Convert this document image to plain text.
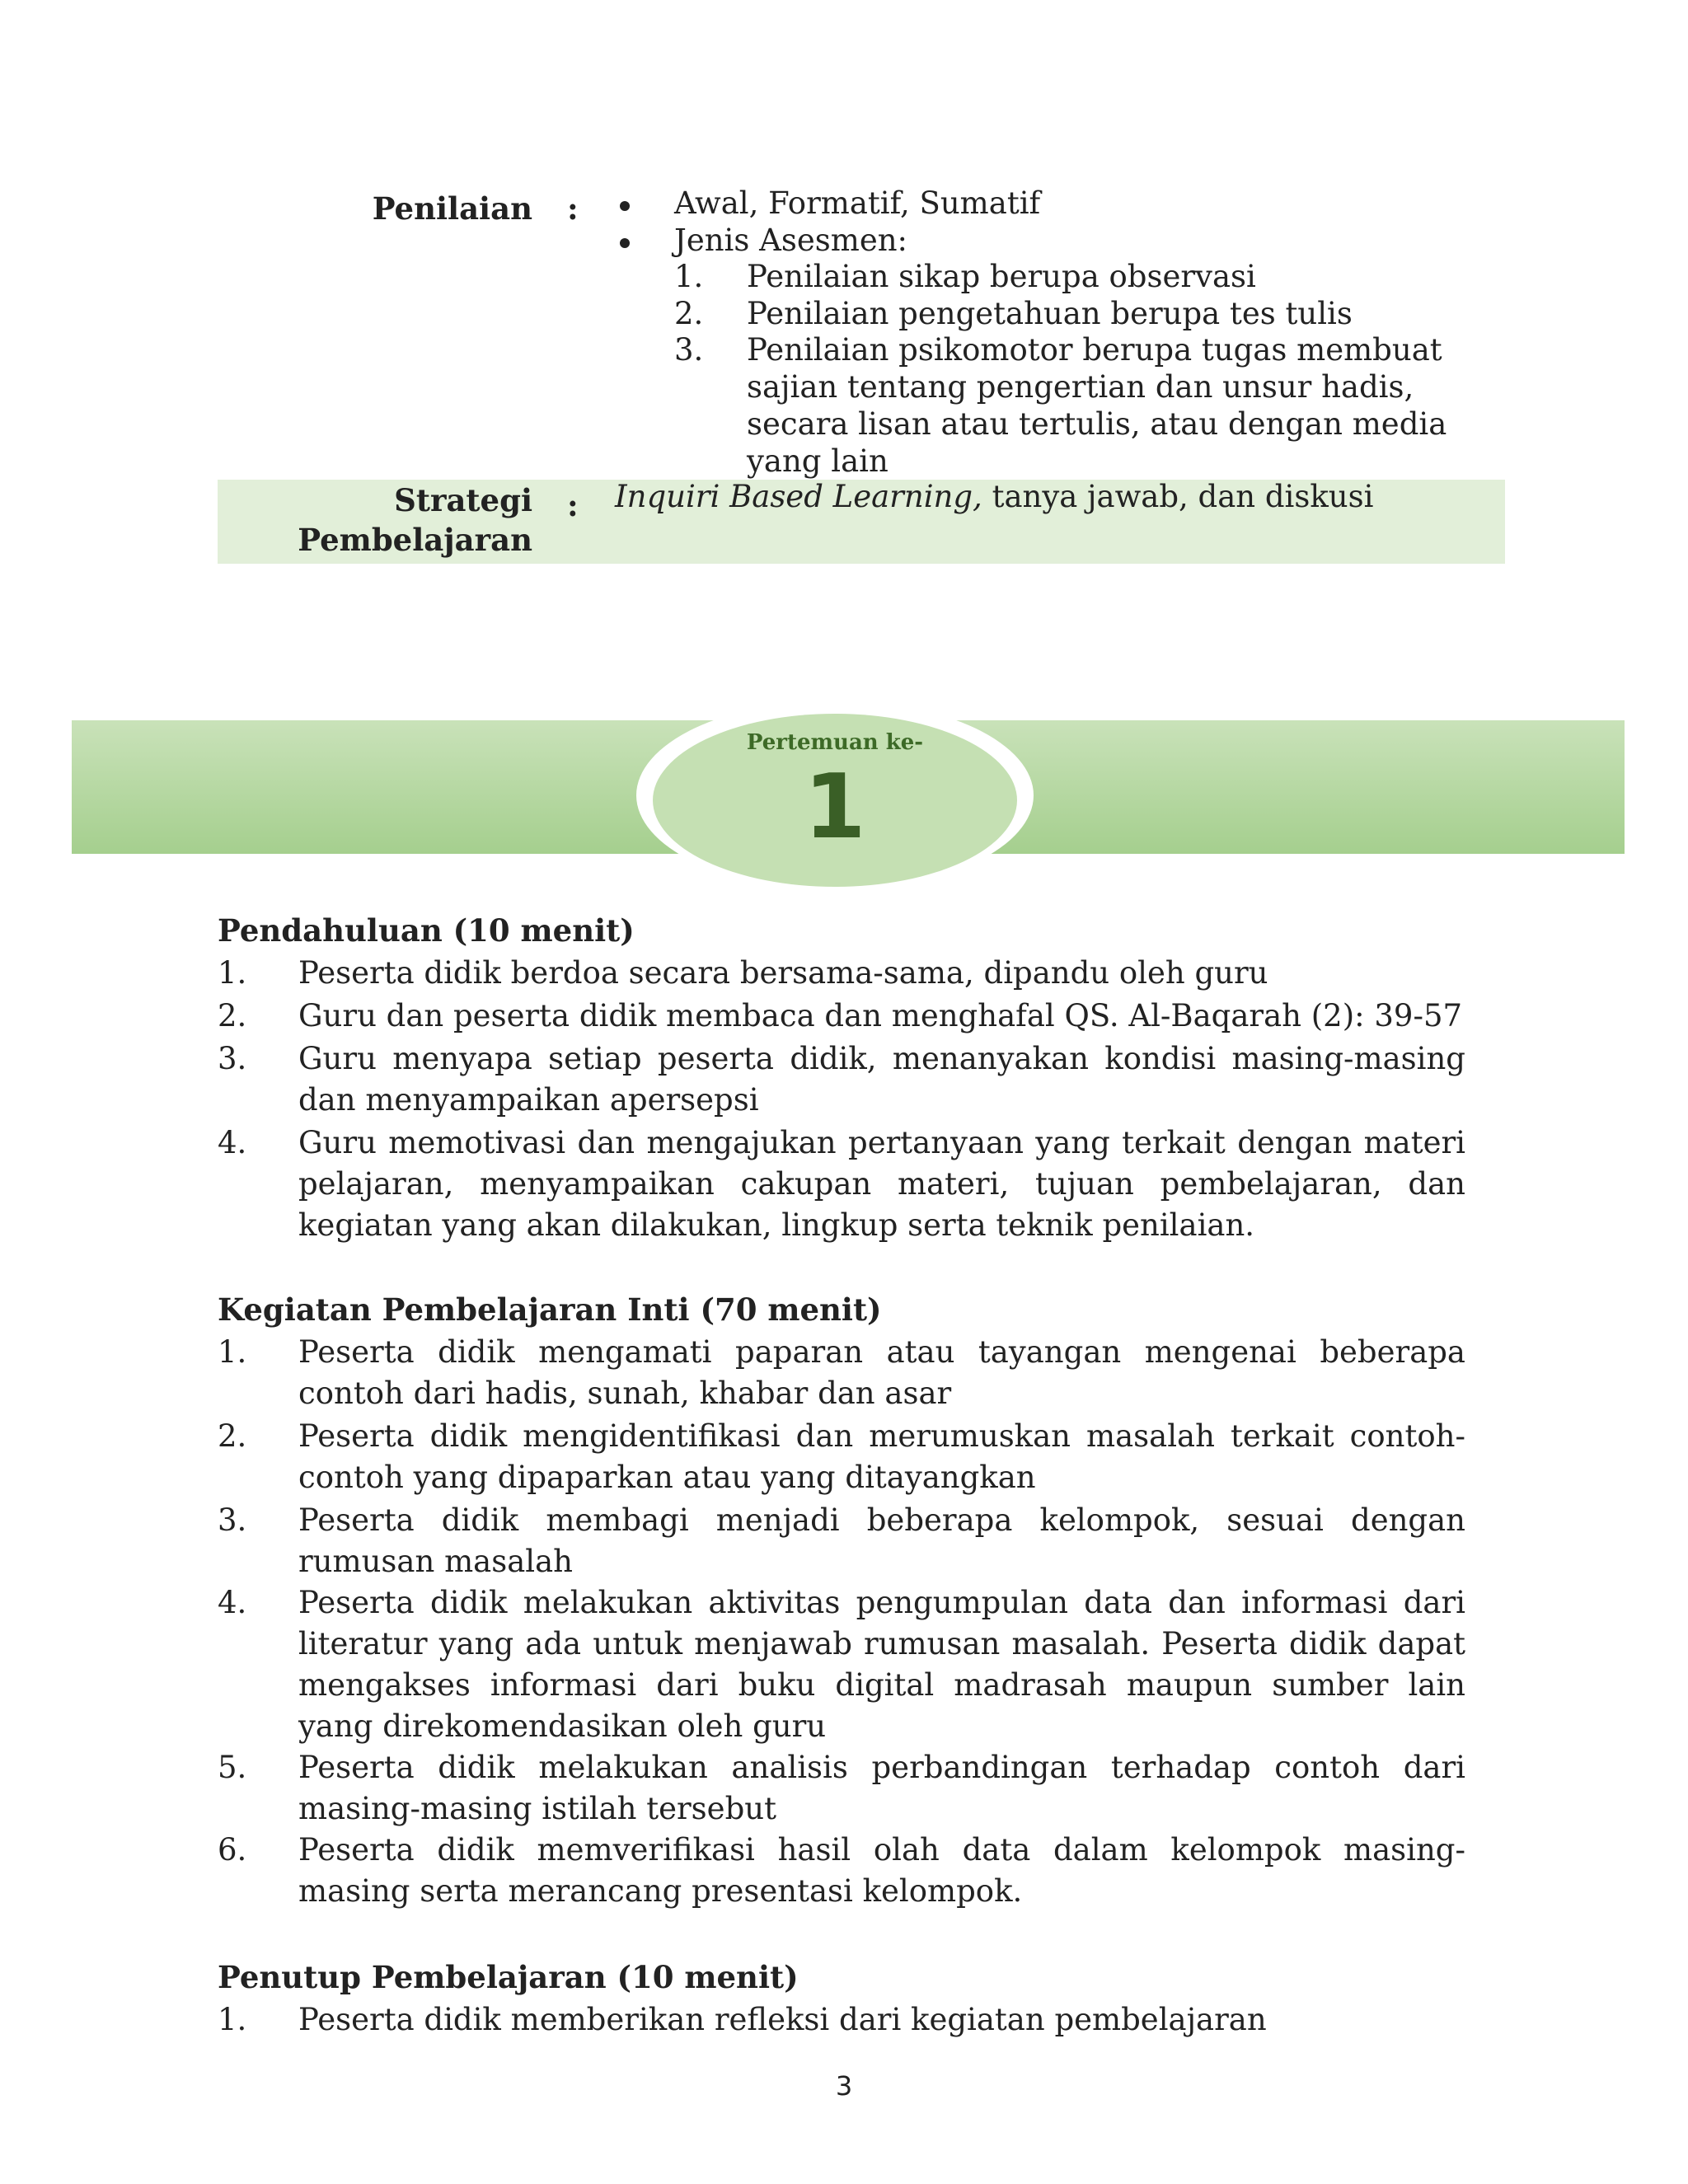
Penilaian :	Awal, Formatif, Sumatif
Jenis Asesmen:
1. Penilaian sikap berupa observasi
2. Penilaian pengetahuan berupa tes tulis
3. Penilaian psikomotor berupa tugas membuat sajian tentang pengertian dan unsur hadis, secara lisan atau tertulis, atau dengan media yang lain
Strategi
Pembelajaran
: Inquiri Based Learning, tanya jawab, dan diskusi
Pertemuan ke-
1
Pendahuluan (10 menit)
1. Peserta didik berdoa secara bersama-sama, dipandu oleh guru
2. Guru dan peserta didik membaca dan menghafal QS. Al-Baqarah (2): 39-57
3. Guru menyapa setiap peserta didik, menanyakan kondisi masing-masing dan menyampaikan apersepsi
4. Guru memotivasi dan mengajukan pertanyaan yang terkait dengan materi pelajaran, menyampaikan cakupan materi, tujuan pembelajaran, dan kegiatan yang akan dilakukan, lingkup serta teknik penilaian.
Kegiatan Pembelajaran Inti (70 menit)
1. Peserta didik mengamati paparan atau tayangan mengenai beberapa contoh dari hadis, sunah, khabar dan asar
2. Peserta didik mengidentifikasi dan merumuskan masalah terkait contoh-contoh yang dipaparkan atau yang ditayangkan
3. Peserta didik membagi menjadi beberapa kelompok, sesuai dengan rumusan masalah
4. Peserta didik melakukan aktivitas pengumpulan data dan informasi dari literatur yang ada untuk menjawab rumusan masalah. Peserta didik dapat mengakses informasi dari buku digital madrasah maupun sumber lain yang direkomendasikan oleh guru
5. Peserta didik melakukan analisis perbandingan terhadap contoh dari masing-masing istilah tersebut
6. Peserta didik memverifikasi hasil olah data dalam kelompok masing-masing serta merancang presentasi kelompok.
Penutup Pembelajaran (10 menit)
1. Peserta didik memberikan refleksi dari kegiatan pembelajaran
3
